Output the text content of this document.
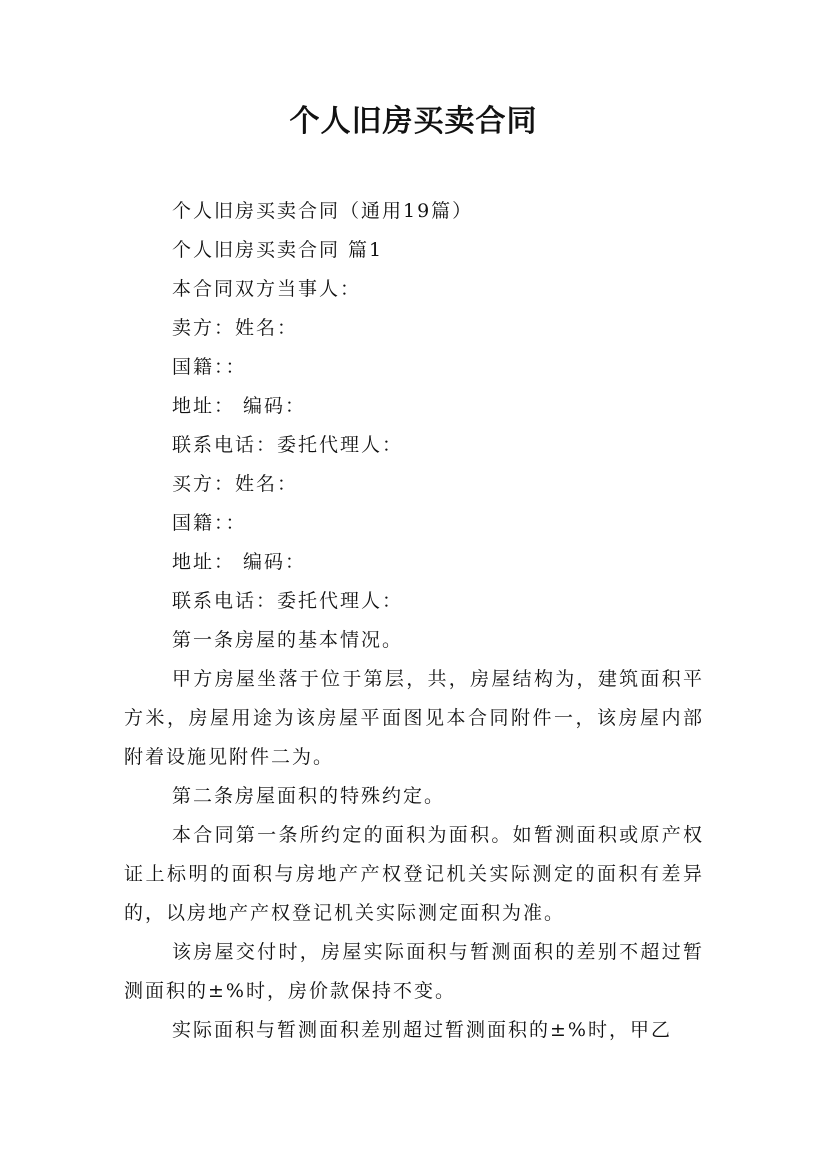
个人旧房买卖合同
个人旧房买卖合同（通用19篇）
个人旧房买卖合同 篇1
本合同双方当事人：
卖方：姓名：
国籍：：
地址： 编码：
联系电话：委托代理人：
买方：姓名：
国籍：：
地址： 编码：
联系电话：委托代理人：
第一条房屋的基本情况。

甲方房屋坐落于位于第层，共，房屋结构为，建筑面积平方米，房屋用途为该房屋平面图见本合同附件一，该房屋内部附着设施见附件二为。

第二条房屋面积的特殊约定。

本合同第一条所约定的面积为面积。如暂测面积或原产权证上标明的面积与房地产产权登记机关实际测定的面积有差异的，以房地产产权登记机关实际测定面积为准。

该房屋交付时，房屋实际面积与暂测面积的差别不超过暂测面积的±%时，房价款保持不变。

实际面积与暂测面积差别超过暂测面积的±%时，甲乙
